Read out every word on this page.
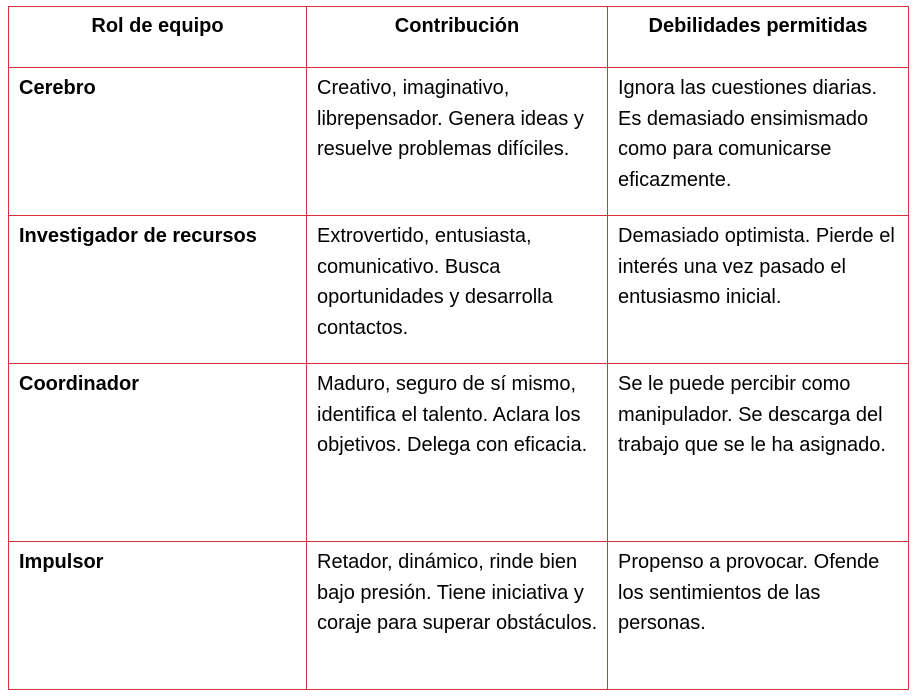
Rol de equipo	Contribución	Debilidades permitidas

Cerebro	Creativo, imaginativo, librepensador. Genera ideas y resuelve problemas difíciles.	Ignora las cuestiones diarias. Es demasiado ensimismado como para comunicarse eficazmente.

Investigador de recursos	Extrovertido, entusiasta, comunicativo. Busca oportunidades y desarrolla contactos.	Demasiado optimista. Pierde el interés una vez pasado el entusiasmo inicial.

Coordinador	Maduro, seguro de sí mismo, identifica el talento. Aclara los objetivos. Delega con eficacia.	Se le puede percibir como manipulador. Se descarga del trabajo que se le ha asignado.

Impulsor	Retador, dinámico, rinde bien bajo presión. Tiene iniciativa y coraje para superar obstáculos.	Propenso a provocar. Ofende los sentimientos de las personas.
